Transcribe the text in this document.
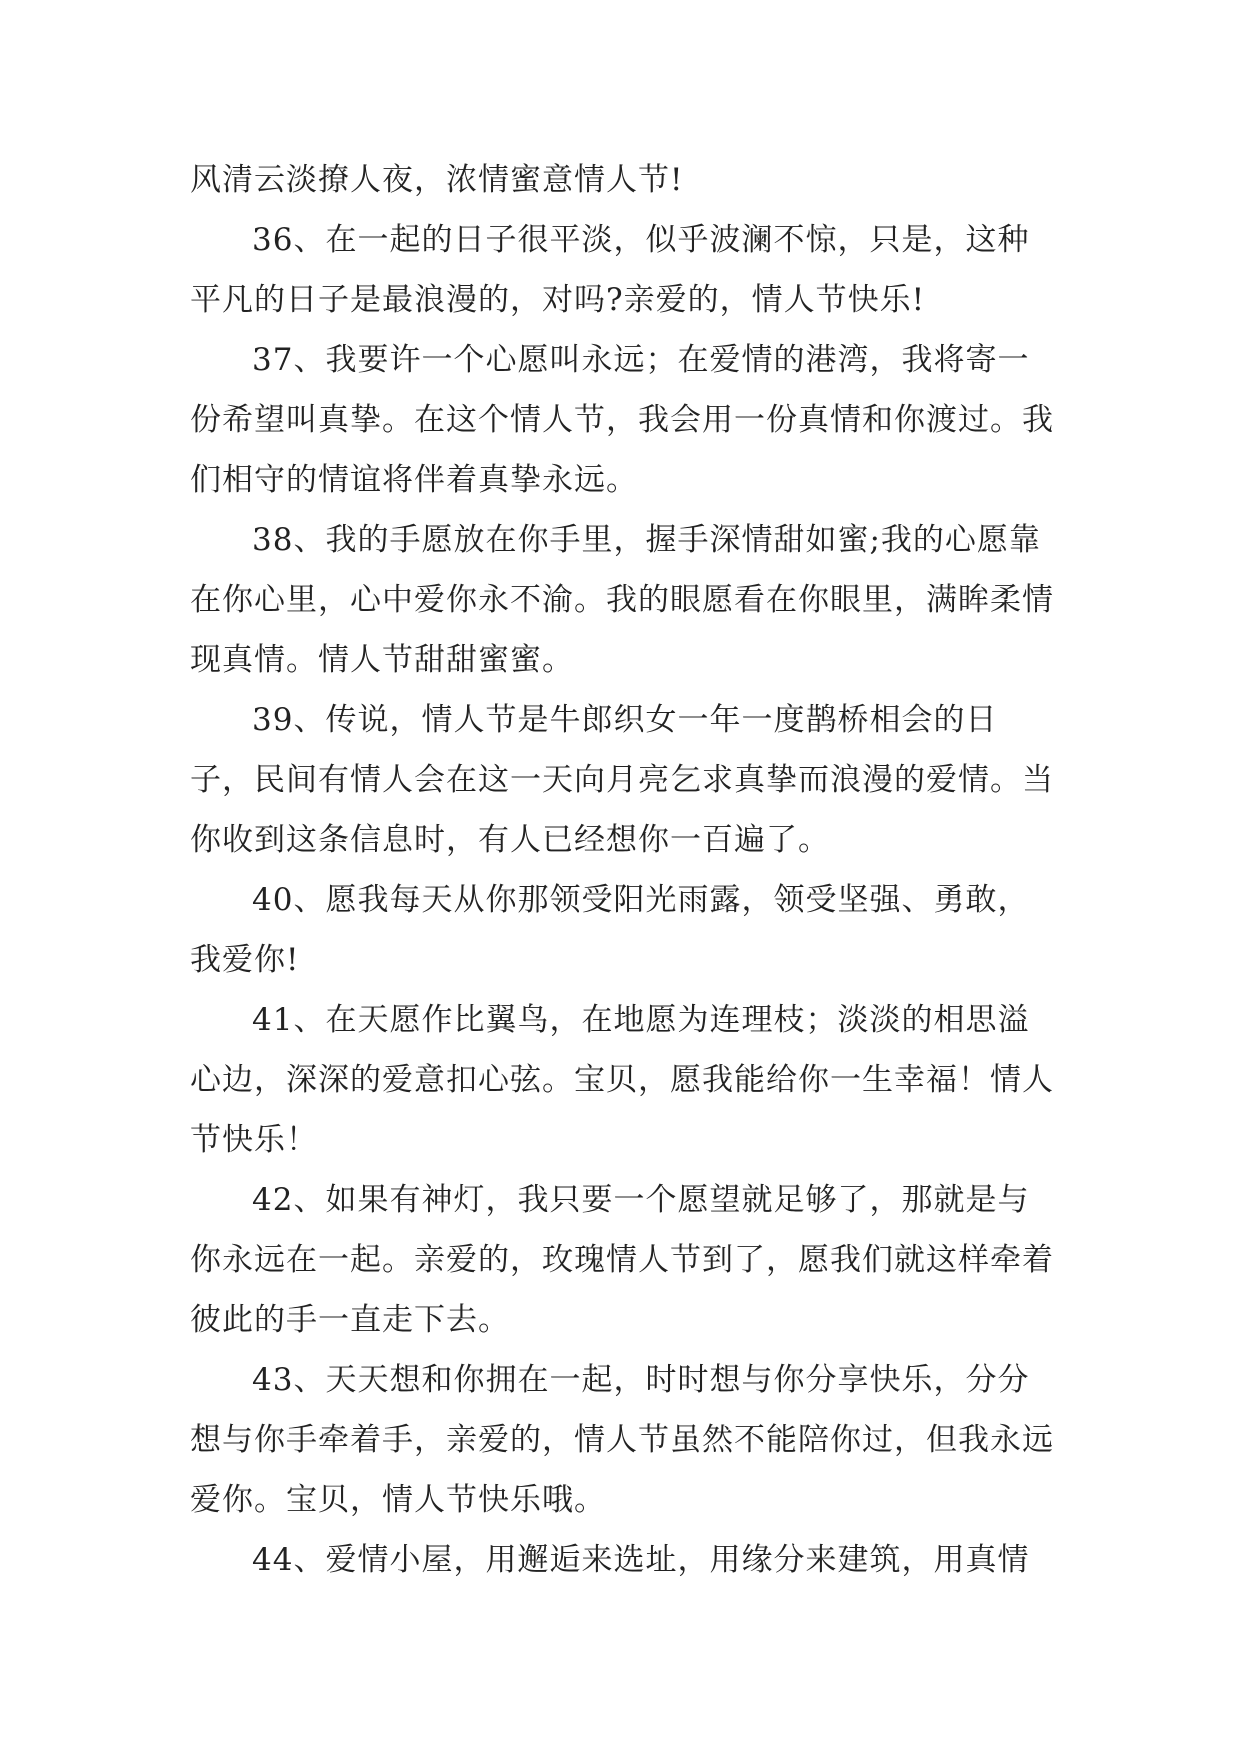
风清云淡撩人夜，浓情蜜意情人节!

36、在一起的日子很平淡，似乎波澜不惊，只是，这种平凡的日子是最浪漫的，对吗?亲爱的，情人节快乐!

37、我要许一个心愿叫永远；在爱情的港湾，我将寄一份希望叫真挚。在这个情人节，我会用一份真情和你渡过。我们相守的情谊将伴着真挚永远。

38、我的手愿放在你手里，握手深情甜如蜜;我的心愿靠在你心里，心中爱你永不渝。我的眼愿看在你眼里，满眸柔情现真情。情人节甜甜蜜蜜。

39、传说，情人节是牛郎织女一年一度鹊桥相会的日子，民间有情人会在这一天向月亮乞求真挚而浪漫的爱情。当你收到这条信息时，有人已经想你一百遍了。

40、愿我每天从你那领受阳光雨露，领受坚强、勇敢，我爱你!

41、在天愿作比翼鸟，在地愿为连理枝；淡淡的相思溢心边，深深的爱意扣心弦。宝贝，愿我能给你一生幸福！情人节快乐！

42、如果有神灯，我只要一个愿望就足够了，那就是与你永远在一起。亲爱的，玫瑰情人节到了，愿我们就这样牵着彼此的手一直走下去。

43、天天想和你拥在一起，时时想与你分享快乐，分分想与你手牵着手，亲爱的，情人节虽然不能陪你过，但我永远爱你。宝贝，情人节快乐哦。

44、爱情小屋，用邂逅来选址，用缘分来建筑，用真情
